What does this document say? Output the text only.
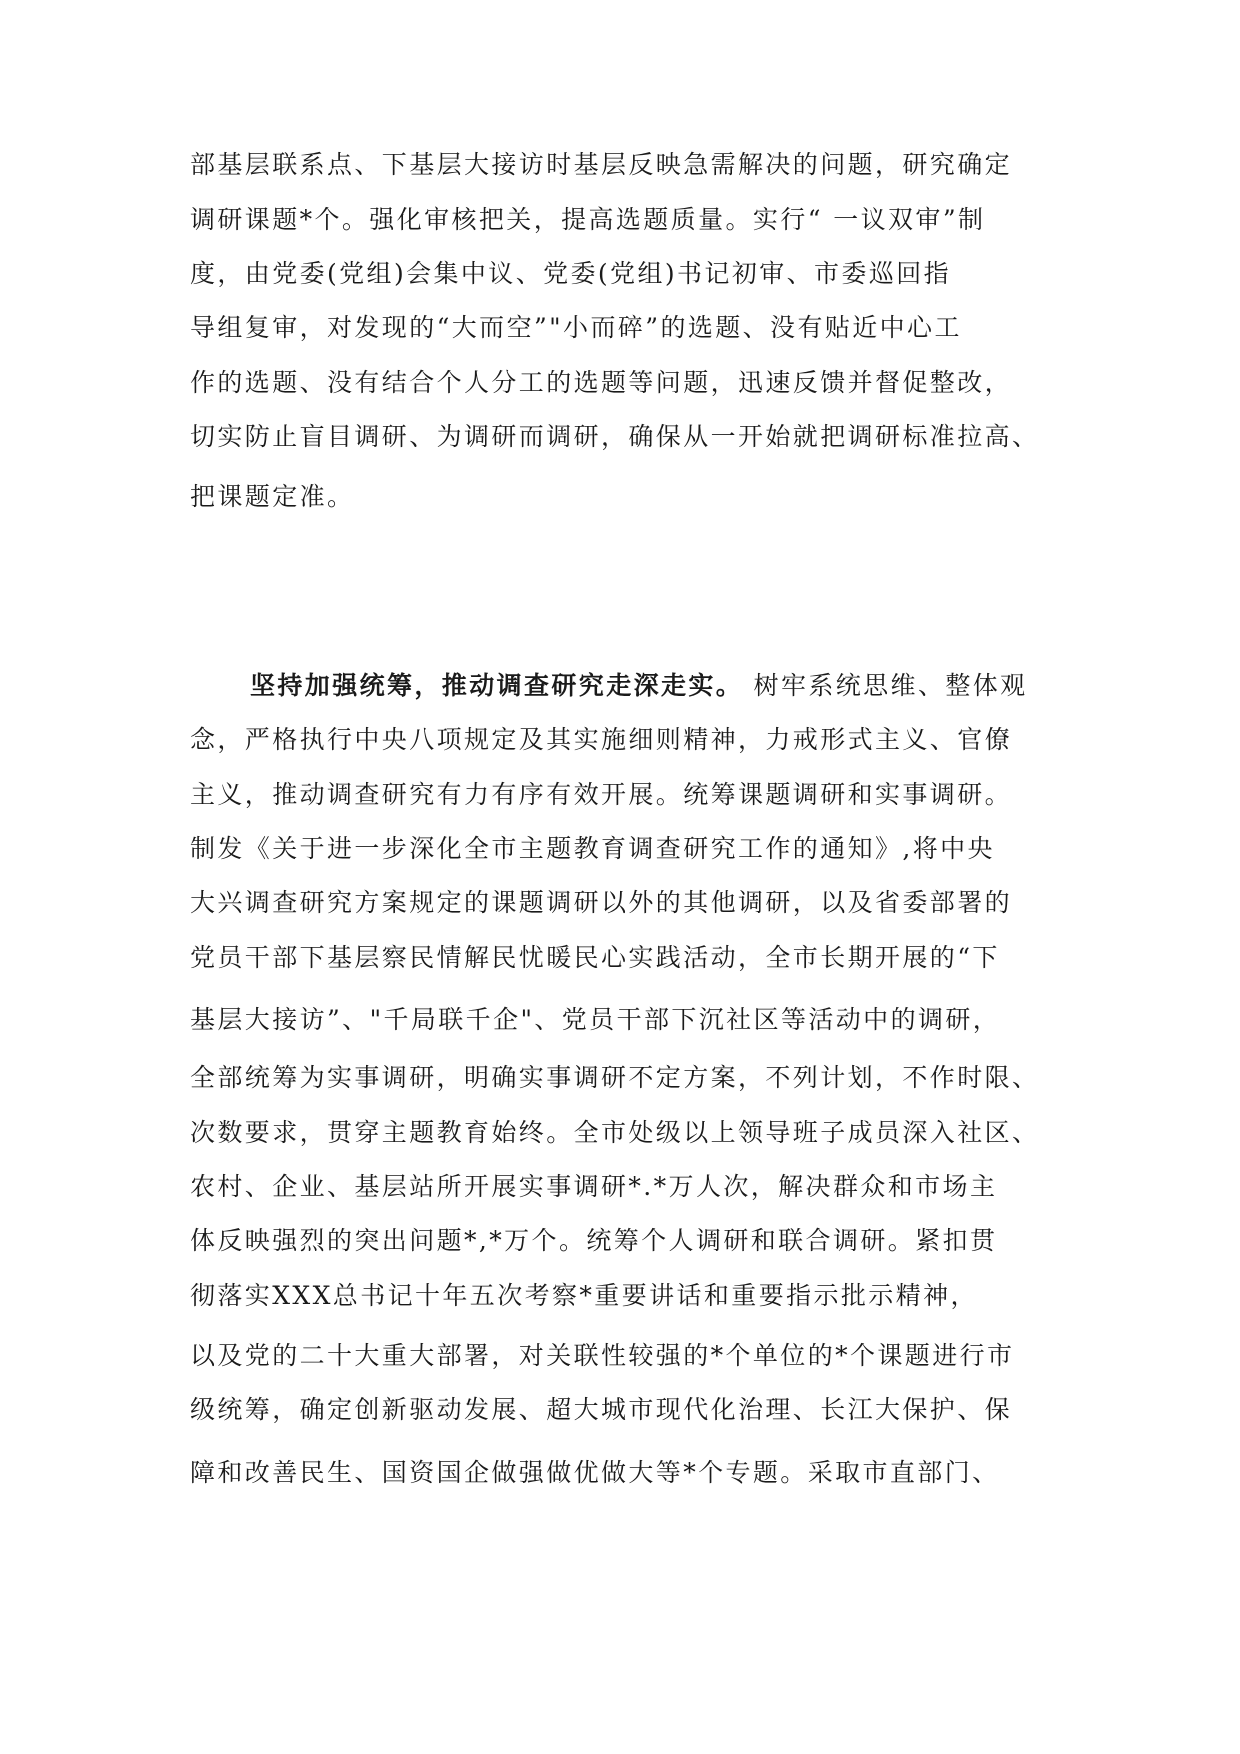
部基层联系点、下基层大接访时基层反映急需解决的问题，研究确定
调研课题*个。强化审核把关，提高选题质量。实行“ 一议双审”制
度，由党委(党组)会集中议、党委(党组)书记初审、市委巡回指
导组复审，对发现的“大而空”"小而碎”的选题、没有贴近中心工
作的选题、没有结合个人分工的选题等问题，迅速反馈并督促整改，
切实防止盲目调研、为调研而调研，确保从一开始就把调研标准拉高、
把课题定准。
坚持加强统筹，推动调查研究走深走实。 树牢系统思维、整体观
念，严格执行中央八项规定及其实施细则精神，力戒形式主义、官僚
主义，推动调查研究有力有序有效开展。统筹课题调研和实事调研。
制发《关于进一步深化全市主题教育调查研究工作的通知》,将中央
大兴调查研究方案规定的课题调研以外的其他调研，以及省委部署的
党员干部下基层察民情解民忧暖民心实践活动，全市长期开展的“下
基层大接访”、"千局联千企"、党员干部下沉社区等活动中的调研，
全部统筹为实事调研，明确实事调研不定方案，不列计划，不作时限、
次数要求，贯穿主题教育始终。全市处级以上领导班子成员深入社区、
农村、企业、基层站所开展实事调研*.*万人次，解决群众和市场主
体反映强烈的突出问题*,*万个。统筹个人调研和联合调研。紧扣贯
彻落实XXX总书记十年五次考察*重要讲话和重要指示批示精神，
以及党的二十大重大部署，对关联性较强的*个单位的*个课题进行市
级统筹，确定创新驱动发展、超大城市现代化治理、长江大保护、保
障和改善民生、国资国企做强做优做大等*个专题。采取市直部门、
